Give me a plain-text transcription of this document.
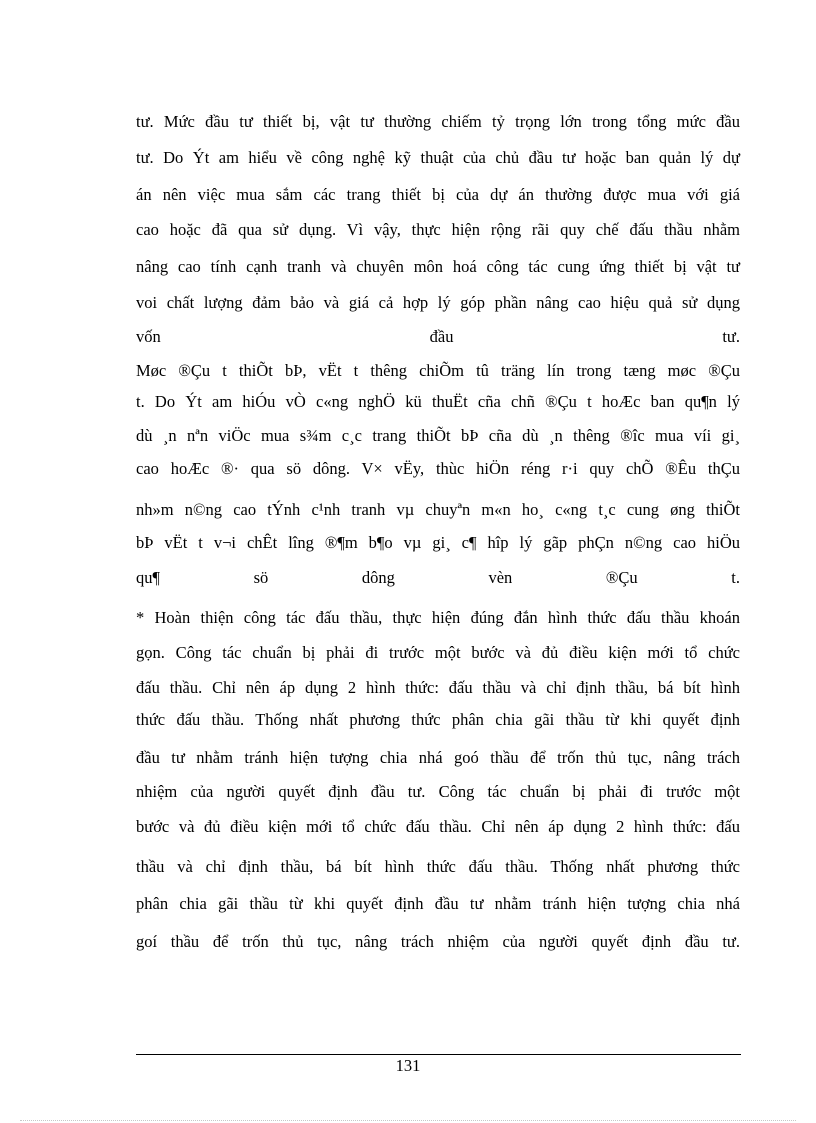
tư. Mức đầu tư thiết bị, vật tư thường chiếm tỷ trọng lớn trong tổng mức đầu
tư. Do Ýt am hiểu về công nghệ kỹ thuật của chủ đầu tư hoặc ban quản lý dự
án nên việc mua sắm các trang thiết bị của dự án thường được mua với giá
cao hoặc đã qua sử dụng. Vì vậy, thực hiện rộng rãi quy chế đấu thầu nhằm
nâng cao tính cạnh tranh và chuyên môn hoá công tác cung ứng thiết bị vật tư
voi chất lượng đảm bảo và giá cả hợp lý góp phần nâng cao hiệu quả sử dụng
vốn đầu tư.
Møc ®Çu t thiÕt bÞ, vËt t thêng chiÕm tû träng lín trong tæng møc ®Çu
t. Do Ýt am hiÓu vÒ c«ng nghÖ kü thuËt cña chñ ®Çu t hoÆc ban qu¶n lý
dù ¸n nªn viÖc mua s¾m c¸c trang thiÕt bÞ cña dù ¸n thêng ®îc mua víi gi¸
cao hoÆc ®· qua sö dông. V× vËy, thùc hiÖn réng r·i quy chÕ ®Êu thÇu
nh»m n©ng cao tÝnh c¹nh tranh vµ chuyªn m«n ho¸ c«ng t¸c cung øng thiÕt
bÞ vËt t v¬i chÊt lîng ®¶m b¶o vµ gi¸ c¶ hîp lý gãp phÇn n©ng cao hiÖu
qu¶ sö dông vèn ®Çu t.
* Hoàn thiện công tác đấu thầu, thực hiện đúng đắn hình thức đấu thầu khoán
gọn. Công tác chuẩn bị phải đi trước một bước và đủ điều kiện mới tổ chức
đấu thầu. Chỉ nên áp dụng 2 hình thức: đấu thầu và chỉ định thầu, bá bít hình
thức đấu thầu. Thống nhất phương thức phân chia gãi thầu từ khi quyết định
đầu tư nhằm tránh hiện tượng chia nhá goó thầu để trốn thủ tục, nâng trách
nhiệm của người quyết định đầu tư. Công tác chuẩn bị phải đi trước một
bước và đủ điều kiện mới tổ chức đấu thầu. Chỉ nên áp dụng 2 hình thức: đấu
thầu và chỉ định thầu, bá bít hình thức đấu thầu. Thống nhất phương thức
phân chia gãi thầu từ khi quyết định đầu tư nhằm tránh hiện tượng chia nhá
goí thầu để trốn thủ tục, nâng trách nhiệm của người quyết định đầu tư.
131
